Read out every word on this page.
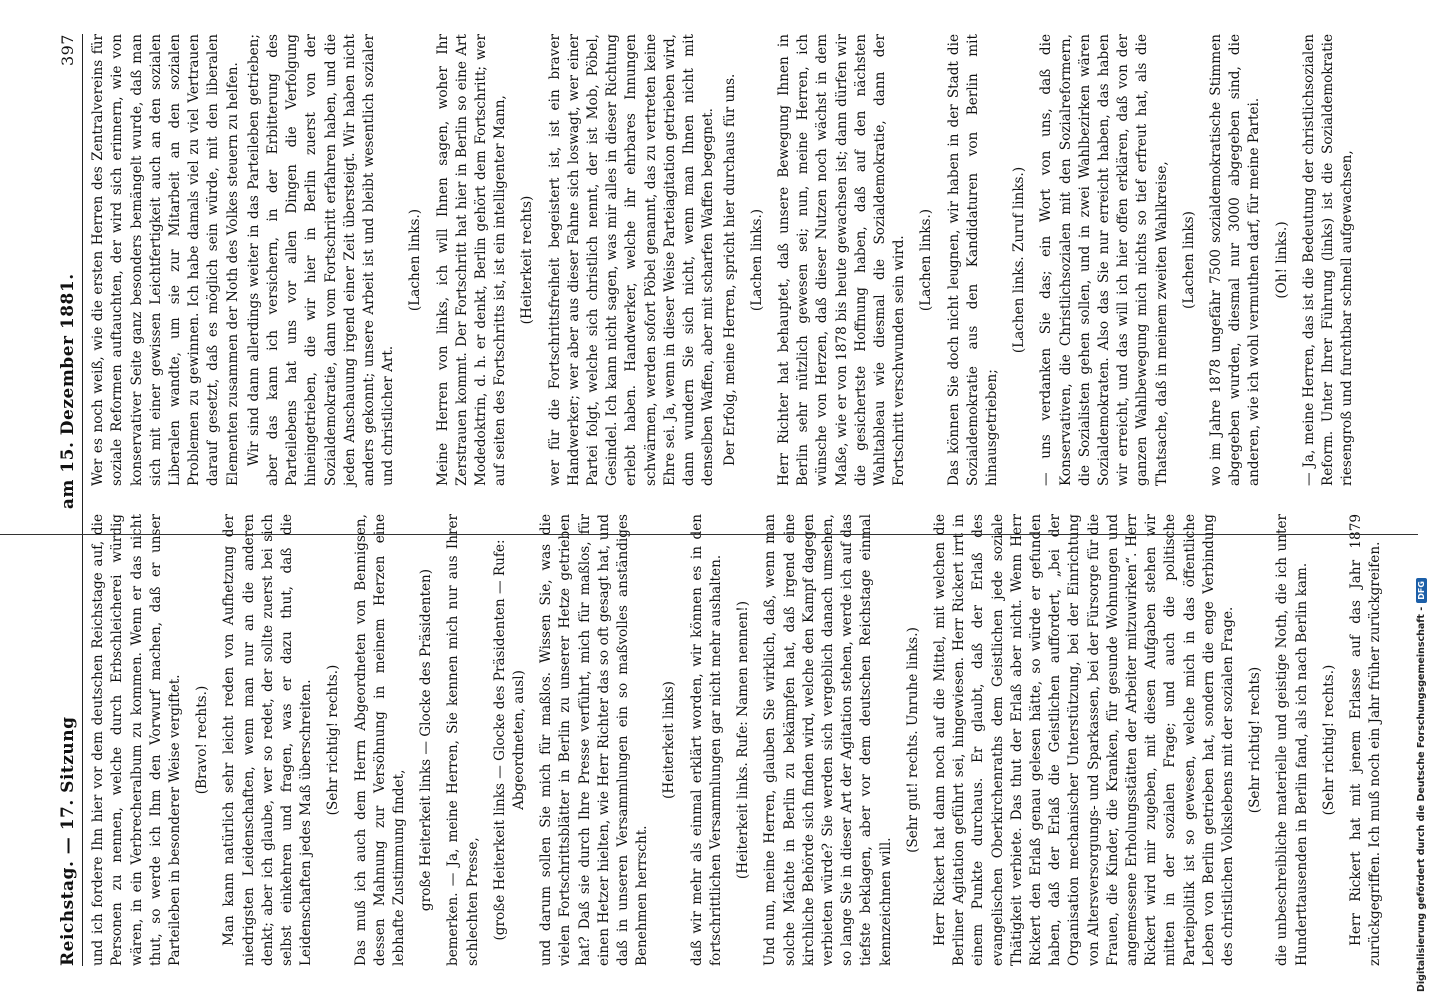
Reichstag. — 17. Sitzung
am 15. Dezember 1881.
397

und ich fordere Ihn hier vor dem deutschen Reichstage auf, die Personen zu nennen, welche durch Erbschleicherei würdig wären, in ein Verbrecheralbum zu kommen. Wenn er das nicht thut, so werde ich Ihm den Vorwurf machen, daß er unser Parteileben in besonderer Weise vergiftet. (Bravo! rechts.) Man kann natürlich sehr leicht reden von Aufhetzung der niedrigsten Leidenschaften, wenn man nur an die anderen denkt; aber ich glaube, wer so redet, der sollte zuerst bei sich selbst einkehren und fragen, was er dazu thut, daß die Leidenschaften jedes Maß überschreiten. (Sehr richtig! rechts.) Das muß ich auch dem Herrn Abgeordneten von Bennigsen, dessen Mahnung zur Versöhnung in meinem Herzen eine lebhafte Zustimmung findet, große Heiterkeit links — Glocke des Präsidenten) bemerken. — Ja, meine Herren, Sie kennen mich nur aus Ihrer schlechten Presse, (große Heiterkeit links — Glocke des Präsidenten — Rufe: Abgeordneten, ausl) und darum sollen Sie mich für maßlos. Wissen Sie, was die vielen Fortschrittsblätter in Berlin zu unserer Hetze getrieben hat? Daß sie durch Ihre Presse verführt, mich für maßlos, für einen Hetzer hielten, wie Herr Richter das so oft gesagt hat, und daß in unseren Versammlungen ein so maßvolles anständiges Benehmen herrscht.

(Heiterkeit links) daß wir mehr als einmal erklärt worden, wir können es in den fortschrittlichen Versammlungen gar nicht mehr aushalten. (Heiterkeit links. Rufe: Namen nennen!) Und nun, meine Herren, glauben Sie wirklich, daß, wenn man solche Mächte in Berlin zu bekämpfen hat, daß irgend eine kirchliche Behörde sich finden wird, welche den Kampf dagegen verbieten würde? Sie werden sich vergeblich danach umsehen, so lange Sie in dieser Art der Agitation stehen, werde ich auf das tiefste beklagen, aber vor dem deutschen Reichstage einmal kennzeichnen will.

(Sehr gut! rechts. Unruhe links.) Herr Rickert hat dann noch auf die Mittel, mit welchen die Berliner Agitation geführt sei, hingewiesen. Herr Rickert irrt in einem Punkte durchaus. Er glaubt, daß der Erlaß des evangelischen Oberkirchenraths dem Geistlichen jede soziale Thätigkeit verbiete. Das thut der Erlaß aber nicht. Wenn Herr Rickert den Erlaß genau gelesen hätte, so würde er gefunden haben, daß der Erlaß die Geistlichen auffordert, „bei der Organisation mechanischer Unterstützung, bei der Einrichtung von Altersversorgungs- und Sparkassen, bei der Fürsorge für die Frauen, die Kinder, die Kranken, für gesunde Wohnungen und angemessene Erholungsstätten der Arbeiter mitzuwirken“. Herr Rickert wird mir zugeben, mit diesen Aufgaben stehen wir mitten in der sozialen Frage; und auch die politische Parteipolitik ist so gewesen, welche mich in das öffentliche Leben von Berlin getrieben hat, sondern die enge Verbindung des christlichen Volkslebens mit der sozialen Frage. (Sehr richtig! rechts) die unbeschreibliche materielle und geistige Noth, die ich unter Hunderttausenden in Berlin fand, als ich nach Berlin kam. (Sehr richtig! rechts.) Herr Rickert hat mit jenem Erlasse auf das Jahr 1879 zurückgegriffen. Ich muß noch ein Jahr früher zurückgreifen.

Wer es noch weiß, wie die ersten Herren des Zentralvereins für soziale Reformen auftauchten, der wird sich erinnern, wie von konservativer Seite ganz besonders bemängelt wurde, daß man sich mit einer gewissen Leichtfertigkeit auch an den sozialen Liberalen wandte, um sie zur Mitarbeit an den sozialen Problemen zu gewinnen. Ich habe damals viel zu viel Vertrauen darauf gesetzt, daß es möglich sein würde, mit den liberalen Elementen zusammen der Noth des Volkes steuern zu helfen. Wir sind dann allerdings weiter in das Parteileben getrieben; aber das kann ich versichern, in der Erbitterung des Parteilebens hat uns vor allen Dingen die Verfolgung hineingetrieben, die wir hier in Berlin zuerst von der Sozialdemokratie, dann vom Fortschritt erfahren haben, und die jeden Anschauung irgend einer Zeit übersteigt. Wir haben nicht anders gekonnt; unsere Arbeit ist und bleibt wesentlich sozialer und christlicher Art.

(Lachen links.) Meine Herren von links, ich will Ihnen sagen, woher Ihr Zerstrauen kommt. Der Fortschritt hat hier in Berlin so eine Art Modedoktrin, d. h. er denkt, Berlin gehört dem Fortschritt; wer auf seiten des Fortschritts ist, ist ein intelligenter Mann, (Heiterkeit rechts) wer für die Fortschrittsfreiheit begeistert ist, ist ein braver Handwerker; wer aber aus dieser Fahne sich loswagt, wer einer Partei folgt, welche sich christlich nennt, der ist Mob, Pöbel, Gesindel. Ich kann nicht sagen, was mir alles in dieser Richtung erlebt haben. Handwerker, welche ihr ehrbares Innungen schwärmen, werden sofort Pöbel genannt, das zu vertreten keine Ehre sei. Ja, wenn in dieser Weise Parteiagitation getrieben wird, dann wundern Sie sich nicht, wenn man Ihnen nicht mit denselben Waffen, aber mit scharfen Waffen begegnet. Der Erfolg, meine Herren, spricht hier durchaus für uns. (Lachen links.) Herr Richter hat behauptet, daß unsere Bewegung Ihnen in Berlin sehr nützlich gewesen sei; nun, meine Herren, ich wünsche von Herzen, daß dieser Nutzen noch wächst in dem Maße, wie er von 1878 bis heute gewachsen ist; dann dürfen wir die gesichertste Hoffnung haben, daß auf den nächsten Wahltableau wie diesmal die Sozialdemokratie, dann der Fortschritt verschwunden sein wird. (Lachen links.) Das können Sie doch nicht leugnen, wir haben in der Stadt die Sozialdemokratie aus den Kandidaturen von Berlin mit hinausgetrieben;

(Lachen links. Zuruf links.) — uns verdanken Sie das; ein Wort von uns, daß die Konservativen, die Christlichsozialen mit den Sozialreformern, die Sozialisten gehen sollen, und in zwei Wahlbezirken wären Sozialdemokraten. Also das Sie nur erreicht haben, das haben wir erreicht, und das will ich hier offen erklären, daß von der ganzen Wahlbewegung mich nichts so tief erfreut hat, als die Thatsache, daß in meinem zweiten Wahlkreise, (Lachen links) wo im Jahre 1878 ungefähr 7500 sozialdemokratische Stimmen abgegeben wurden, diesmal nur 3000 abgegeben sind, die anderen, wie ich wohl vermuthen darf, für meine Partei. (Oh! links.) — Ja, meine Herren, das ist die Bedeutung der christlichsozialen Reform. Unter Ihrer Führung (links) ist die Sozialdemokratie riesengroß und furchtbar schnell aufgewachsen,

Digitalisierung gefördert durch die Deutsche Forschungsgemeinschaft -
DFG
